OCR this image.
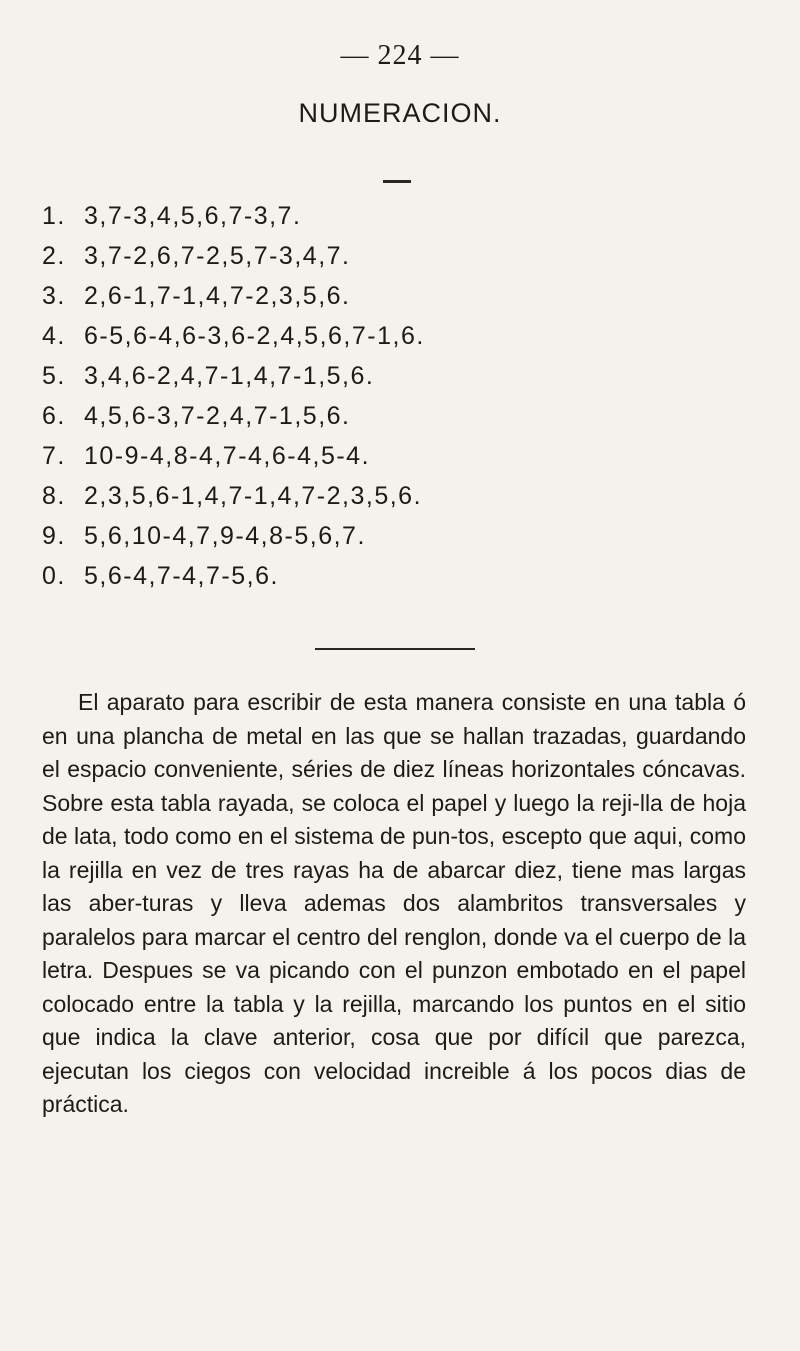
— 224 —
NUMERACION.
1. 3,7-3,4,5,6,7-3,7.
2. 3,7-2,6,7-2,5,7-3,4,7.
3. 2,6-1,7-1,4,7-2,3,5,6.
4. 6-5,6-4,6-3,6-2,4,5,6,7-1,6.
5. 3,4,6-2,4,7-1,4,7-1,5,6.
6. 4,5,6-3,7-2,4,7-1,5,6.
7. 10-9-4,8-4,7-4,6-4,5-4.
8. 2,3,5,6-1,4,7-1,4,7-2,3,5,6.
9. 5,6,10-4,7,9-4,8-5,6,7.
0. 5,6-4,7-4,7-5,6.

El aparato para escribir de esta manera consiste en una tabla ó en una plancha de metal en las que se hallan trazadas, guardando el espacio conveniente, séries de diez líneas horizontales cóncavas. Sobre esta tabla rayada, se coloca el papel y luego la reji-lla de hoja de lata, todo como en el sistema de pun-tos, escepto que aqui, como la rejilla en vez de tres rayas ha de abarcar diez, tiene mas largas las aber-turas y lleva ademas dos alambritos transversales y paralelos para marcar el centro del renglon, donde va el cuerpo de la letra. Despues se va picando con el punzon embotado en el papel colocado entre la tabla y la rejilla, marcando los puntos en el sitio que indica la clave anterior, cosa que por difícil que parezca, ejecutan los ciegos con velocidad increible á los pocos dias de práctica.
